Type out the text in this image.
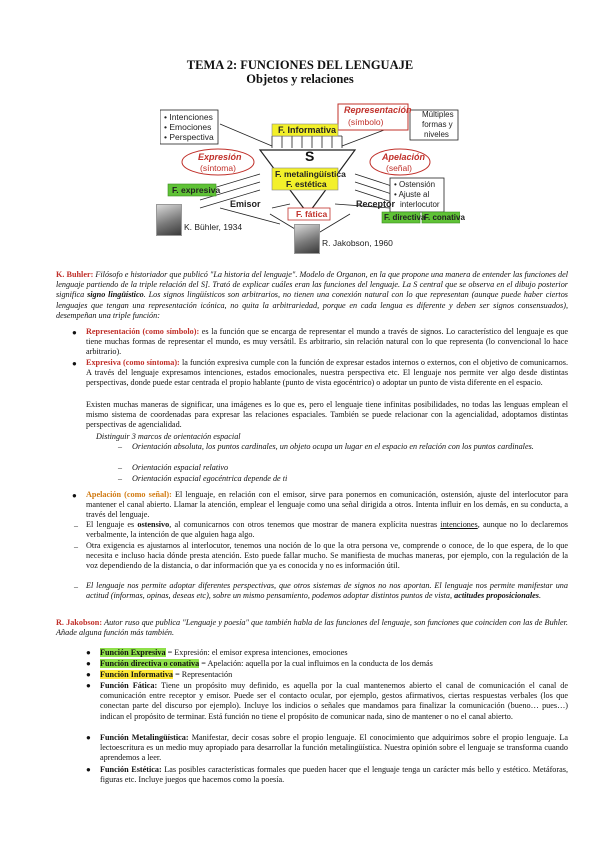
TEMA 2: FUNCIONES DEL LENGUAJE
Objetos y relaciones
S
• Intenciones
• Emociones
• Perspectiva
Representación
(símbolo)
Múltiples
formas y
niveles
F. Informativa
Expresión
(síntoma)
Apelación
(señal)
F. metalingüística
F. estética
F. expresiva
Emisor	Receptor
F. fática
• Ostensión
• Ajuste al
interlocutor
F. directiva
F. conativa
K. Bühler, 1934
R. Jakobson, 1960
K. Buhler: Filósofo e historiador que publicó "La historia del lenguaje". Modelo de Organon, en la que propone una manera de entender las funciones del lenguaje partiendo de la triple relación del S]. Trató de explicar cuáles eran las funciones del lenguaje. La S central que se observa en el dibujo posterior significa signo lingüístico. Los signos lingüísticos son arbitrarios, no tienen una conexión natural con lo que representan (aunque puede haber ciertos lenguajes que tengan una representación icónica, no quita la arbitrariedad, porque en cada lengua es diferente y deben ser signos consensuados), desempeñan una triple función:
● Representación (como símbolo): es la función que se encarga de representar el mundo a través de signos. Lo característico del lenguaje es que tiene muchas formas de representar el mundo, es muy versátil. Es arbitrario, sin relación natural con lo que representa (lo convencional lo hace arbitrario).
● Expresiva (como síntoma): la función expresiva cumple con la función de expresar estados internos o externos, con el objetivo de comunicarnos. A través del lenguaje expresamos intenciones, estados emocionales, nuestra perspectiva etc. El lenguaje nos permite ver algo desde distintas perspectivas, donde puede estar centrada el propio hablante (punto de vista egocéntrico) o adoptar un punto de vista diferente en el espacio.
Existen muchas maneras de significar, una imágenes es lo que es, pero el lenguaje tiene infinitas posibilidades, no todas las lenguas emplean el mismo sistema de coordenadas para expresar las relaciones espaciales. También se puede relacionar con la agencialidad, adoptamos distintas perspectivas de agencialidad.
Distinguir 3 marcos de orientación espacial
– Orientación absoluta, los puntos cardinales, un objeto ocupa un lugar en el espacio en relación con los puntos cardinales.
– Orientación espacial relativo
– Orientación espacial egocéntrica depende de ti
● Apelación (como señal): El lenguaje, en relación con el emisor, sirve para ponernos en comunicación, ostensión, ajuste del interlocutor para mantener el canal abierto. Llamar la atención, emplear el lenguaje como una señal dirigida a otros. Intenta influir en los demás, en su conducta, a través del lenguaje.
– El lenguaje es ostensivo, al comunicarnos con otros tenemos que mostrar de manera explícita nuestras intenciones, aunque no lo declaremos verbalmente, la intención de que alguien haga algo.
– Otra exigencia es ajustarnos al interlocutor, tenemos una noción de lo que la otra persona ve, comprende o conoce, de lo que espera, de lo que necesita e incluso hacia dónde presta atención. Esto puede fallar mucho. Se manifiesta de muchas maneras, por ejemplo, con la regulación de la voz dependiendo de la distancia, o dar información que ya es conocida y no es información útil.
– El lenguaje nos permite adoptar diferentes perspectivas, que otros sistemas de signos no nos aportan. El lenguaje nos permite manifestar una actitud (informas, opinas, deseas etc), sobre un mismo pensamiento, podemos adoptar distintos puntos de vista, actitudes proposicionales.
R. Jakobson: Autor ruso que publica "Lenguaje y poesía" que también habla de las funciones del lenguaje, son funciones que coinciden con las de Buhler. Añade alguna función más también.
● Función Expresiva = Expresión: el emisor expresa intenciones, emociones
● Función directiva o conativa = Apelación: aquella por la cual influimos en la conducta de los demás
● Función Informativa = Representación
● Función Fática: Tiene un propósito muy definido, es aquella por la cual mantenemos abierto el canal de comunicación el canal de comunicación entre receptor y emisor. Puede ser el contacto ocular, por ejemplo, gestos afirmativos, ciertas respuestas verbales (los que conectan parte del discurso por ejemplo). Incluye los indicios o señales que mandamos para finalizar la comunicación (bueno… pues…) indican el propósito de terminar. Está función no tiene el propósito de comunicar nada, sino de mantener o no el canal abierto.
● Función Metalingüística: Manifestar, decir cosas sobre el propio lenguaje. El conocimiento que adquirimos sobre el propio lenguaje. La lectoescritura es un medio muy apropiado para desarrollar la función metalingüística. Nuestra opinión sobre el lenguaje se transforma cuando aprendemos a leer.
● Función Estética: Las posibles características formales que pueden hacer que el lenguaje tenga un carácter más bello y estético. Metáforas, figuras etc. Incluye juegos que hacemos como la poesía.
